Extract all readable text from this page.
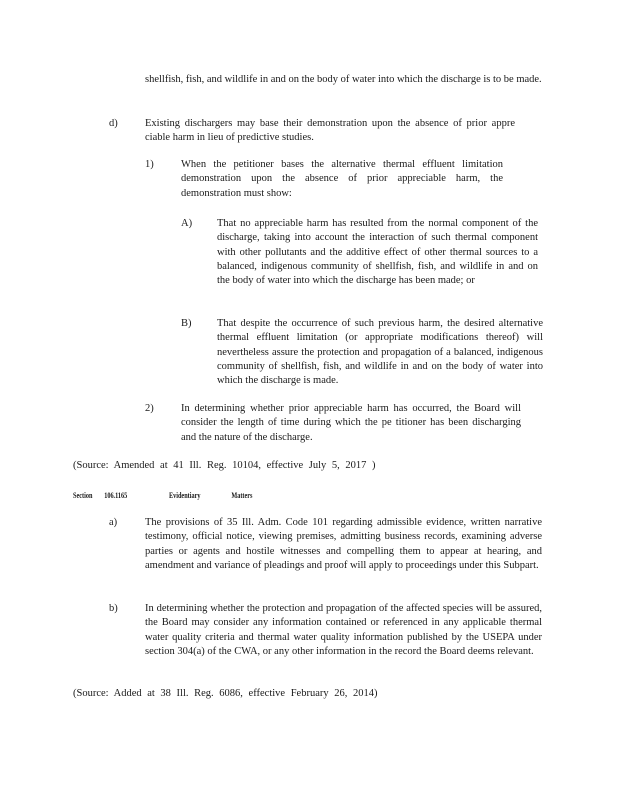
shellfish, fish, and wildlife in and on the body of water into which the discharge is to be made.

d)	Existing dischargers may base their demonstration upon the absence of prior appre ciable harm in lieu of predictive studies.

1)	When the petitioner bases the alternative thermal effluent limitation demonstration upon the absence of prior appreciable harm, the demonstration must show:

A) That no appreciable harm has resulted from the normal component of the discharge, taking into account the interaction of such thermal component with other pollutants and the additive effect of other thermal sources to a balanced, indigenous community of shellfish, fish, and wildlife in and on the body of water into which the discharge has been made; or

B) That despite the occurrence of such previous harm, the desired alternative thermal effluent limitation (or appropriate modifications thereof) will nevertheless assure the protection and propagation of a balanced, indigenous community of shellfish, fish, and wildlife in and on the body of water into which the discharge is made.

2)	In determining whether prior appreciable harm has occurred, the Board will consider the length of time during which the pe titioner has been discharging and the nature of the discharge.

(Source: Amended at 41 Ill. Reg. 10104, effective July 5, 2017 )

Section 106.1165	Evidentiary	Matters

a)	The provisions of 35 Ill. Adm. Code 101 regarding admissible evidence, written narrative testimony, official notice, viewing premises, admitting business records, examining adverse parties or agents and hostile witnesses and compelling them to appear at hearing, and amendment and variance of pleadings and proof will apply to proceedings under this Subpart.

b)	In determining whether the protection and propagation of the affected species will be assured, the Board may consider any information contained or referenced in any applicable thermal water quality criteria and thermal water quality information published by the USEPA under section 304(a) of the CWA, or any other information in the record the Board deems relevant.

(Source: Added at 38 Ill. Reg. 6086, effective February 26, 2014)
